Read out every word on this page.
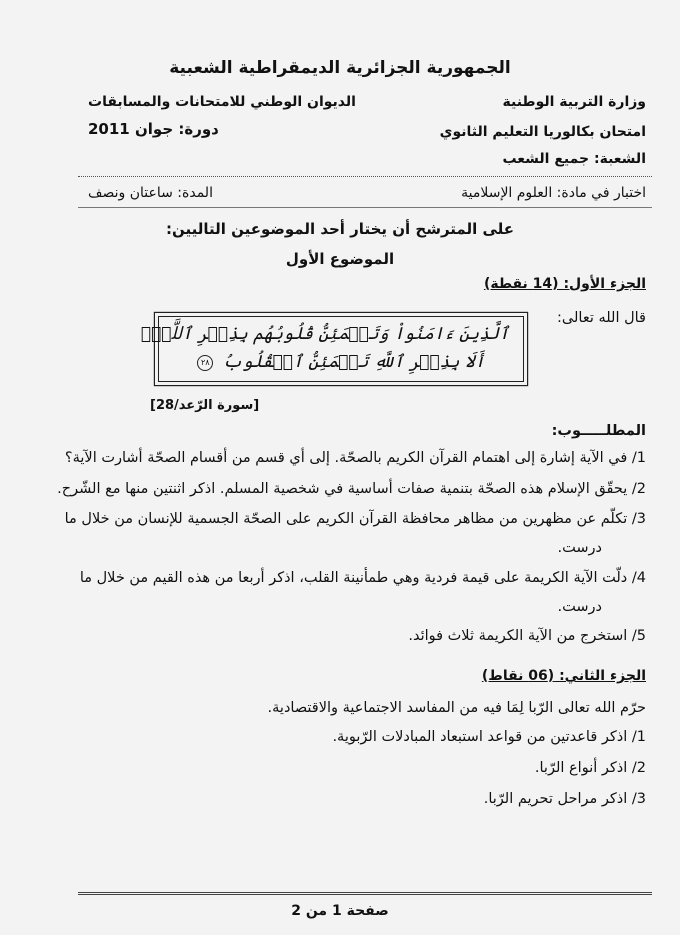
الجمهورية الجزائرية الديمقراطية الشعبية
وزارة التربية الوطنية
الديوان الوطني للامتحانات والمسابقات
امتحان بكالوريا التعليم الثانوي
دورة: جوان 2011
الشعبة: جميع الشعب
اختبار في مادة: العلوم الإسلامية
المدة: ساعتان ونصف
على المترشح أن يختار أحد الموضوعين التاليين:
الموضوع الأول
الجزء الأول: (14 نقطة)
قال الله تعالى:
ٱلَّذِينَ ءَامَنُواْ وَتَطۡمَئِنُّ قُلُوبُهُم بِذِكۡرِ ٱللَّهِۗ
أَلَا بِذِكۡرِ ٱللَّهِ تَطۡمَئِنُّ ٱلۡقُلُوبُ ٢٨
[سورة الرّعد/28]
المطلـــــوب:
1/ في الآية إشارة إلى اهتمام القرآن الكريم بالصحّة. إلى أي قسم من أقسام الصحّة أشارت الآية؟
2/ يحقّق الإسلام هذه الصحّة بتنمية صفات أساسية في شخصية المسلم. اذكر اثنتين منها مع الشّرح.
3/ تكلّم عن مظهرين من مظاهر محافظة القرآن الكريم على الصحّة الجسمية للإنسان من خلال ما
درست.
4/ دلّت الآية الكريمة على قيمة فردية وهي طمأنينة القلب، اذكر أربعا من هذه القيم من خلال ما
درست.
5/ استخرج من الآية الكريمة ثلاث فوائد.
الجزء الثاني: (06 نقاط)
حرّم الله تعالى الرّبا لِمَا فيه من المفاسد الاجتماعية والاقتصادية.
1/ اذكر قاعدتين من قواعد استبعاد المبادلات الرّبوية.
2/ اذكر أنواع الرّبا.
3/ اذكر مراحل تحريم الرّبا.
صفحة 1 من 2
